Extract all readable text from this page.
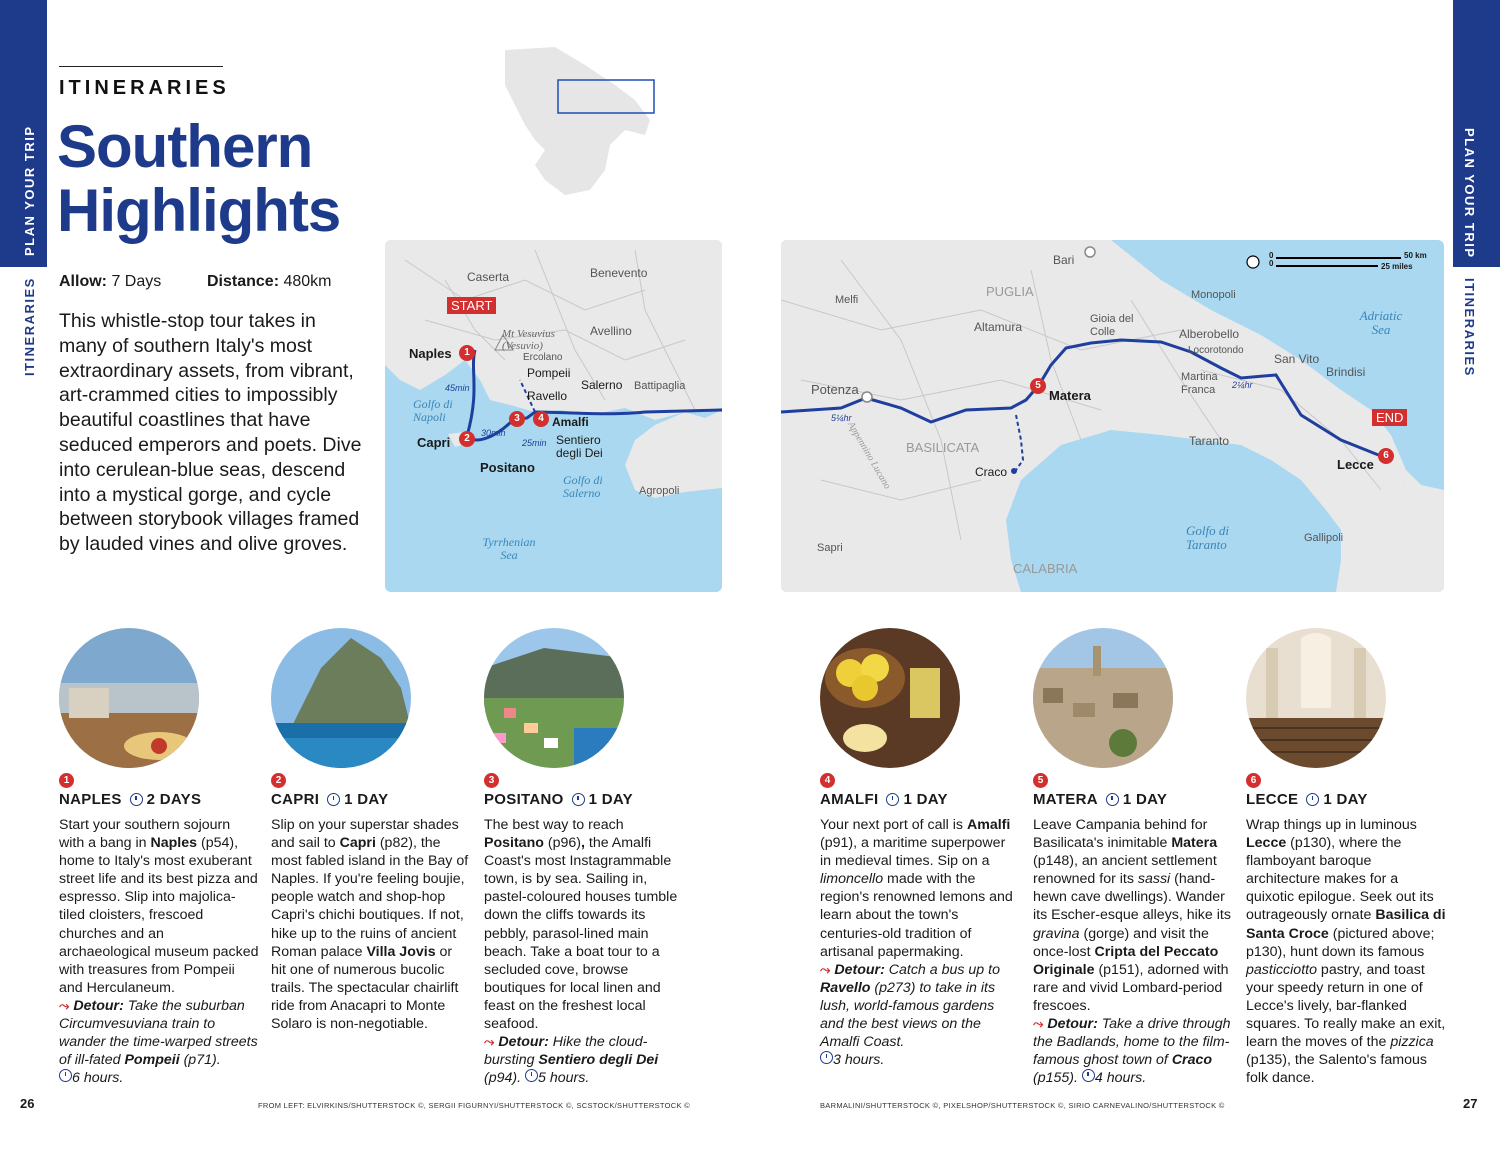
PLAN YOUR TRIP
ITINERARIES
PLAN YOUR TRIP
ITINERARIES
ITINERARIES
Southern
Highlights
Allow: 7 Days	Distance: 480km
This whistle-stop tour takes in many of southern Italy's most extraordinary assets, from vibrant, art-crammed cities to impossibly beautiful coastlines that have seduced emperors and poets. Dive into cerulean-blue seas, descend into a mystical gorge, and cycle between storybook villages framed by lauded vines and olive groves.
START
1
2
3	4
Caserta	Benevento
Mt Vesuvius (Vesuvio)
Avellino
Naples	Ercolano
Pompeii
Salerno Battipaglia
Ravello
Amalfi
Capri	Sentiero degli Dei
Positano
Agropoli
Golfo di Napoli
Golfo di Salerno
Tyrrhenian Sea
45min
30min
25min
0
0
50 km
25 miles
5
6
END
Bari
Melfi	Monopoli
Altamura
Gioia del Colle	Alberobello
Locorotondo
Potenza	Matera
Martina Franca
San Vito
Brindisi
Taranto
Craco	Lecce
Gallipoli
Sapri
PUGLIA
BASILICATA
CALABRIA
Appennino Lucano
Adriatic Sea
Golfo di Taranto
5¼hr
2¼hr
1
NAPLES 2 DAYS
Start your southern sojourn with a bang in Naples (p54), home to Italy's most exuberant street life and its best pizza and espresso. Slip into majolica-tiled cloisters, frescoed churches and an archaeological museum packed with treasures from Pompeii and Herculaneum.
⤳ Detour: Take the suburban Circumvesuviana train to wander the time-warped streets of ill-fated Pompeii (p71).
6 hours.
2
CAPRI 1 DAY
Slip on your superstar shades and sail to Capri (p82), the most fabled island in the Bay of Naples. If you're feeling boujie, people watch and shop-hop Capri's chichi boutiques. If not, hike up to the ruins of ancient Roman palace Villa Jovis or hit one of numerous bucolic trails. The spectacular chairlift ride from Anacapri to Monte Solaro is non-negotiable.
3
POSITANO 1 DAY
The best way to reach Positano (p96), the Amalfi Coast's most Instagrammable town, is by sea. Sailing in, pastel-coloured houses tumble down the cliffs towards its pebbly, parasol-lined main beach. Take a boat tour to a secluded cove, browse boutiques for local linen and feast on the freshest local seafood.
⤳ Detour: Hike the cloud-bursting Sentiero degli Dei (p94). 5 hours.
4
AMALFI 1 DAY
Your next port of call is Amalfi (p91), a maritime superpower in medieval times. Sip on a limoncello made with the region's renowned lemons and learn about the town's centuries-old tradition of artisanal papermaking.
⤳ Detour: Catch a bus up to Ravello (p273) to take in its lush, world-famous gardens and the best views on the Amalfi Coast.
3 hours.
5
MATERA 1 DAY
Leave Campania behind for Basilicata's inimitable Matera (p148), an ancient settlement renowned for its sassi (hand-hewn cave dwellings). Wander its Escher-esque alleys, hike its gravina (gorge) and visit the once-lost Cripta del Peccato Originale (p151), adorned with rare and vivid Lombard-period frescoes.
⤳ Detour: Take a drive through the Badlands, home to the film-famous ghost town of Craco (p155). 4 hours.
6
LECCE 1 DAY
Wrap things up in luminous Lecce (p130), where the flamboyant baroque architecture makes for a quixotic epilogue. Seek out its outrageously ornate Basilica di Santa Croce (pictured above; p130), hunt down its famous pasticciotto pastry, and toast your speedy return in one of Lecce's lively, bar-flanked squares. To really make an exit, learn the moves of the pizzica (p135), the Salento's famous folk dance.
26	27
FROM LEFT: ELVIRKINS/SHUTTERSTOCK ©, SERGII FIGURNYI/SHUTTERSTOCK ©, SCSTOCK/SHUTTERSTOCK ©	BARMALINI/SHUTTERSTOCK ©, PIXELSHOP/SHUTTERSTOCK ©, SIRIO CARNEVALINO/SHUTTERSTOCK ©
